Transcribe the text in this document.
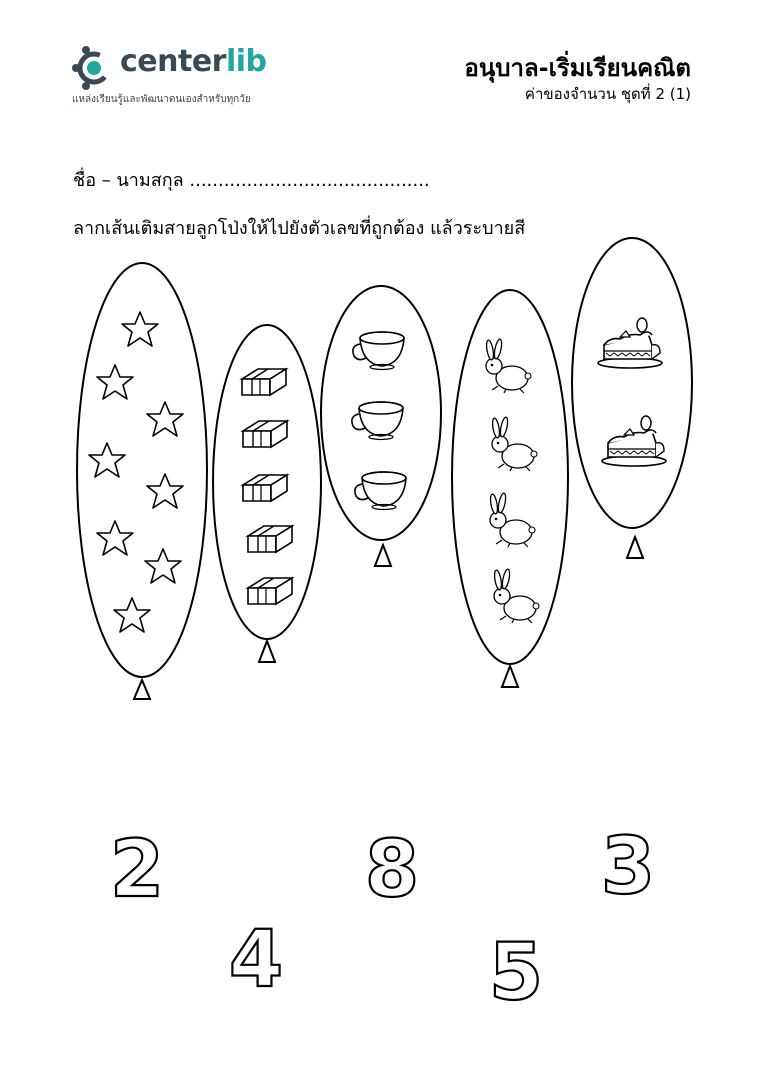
centerlib
แหล่งเรียนรู้และพัฒนาตนเองสำหรับทุกวัย
อนุบาล-เริ่มเรียนคณิต
ค่าของจำนวน ชุดที่ 2 (1)
ชื่อ – นามสกุล ..........................................
ลากเส้นเติมสายลูกโป่งให้ไปยังตัวเลขที่ถูกต้อง แล้วระบายสี
2
4
8
5
3
